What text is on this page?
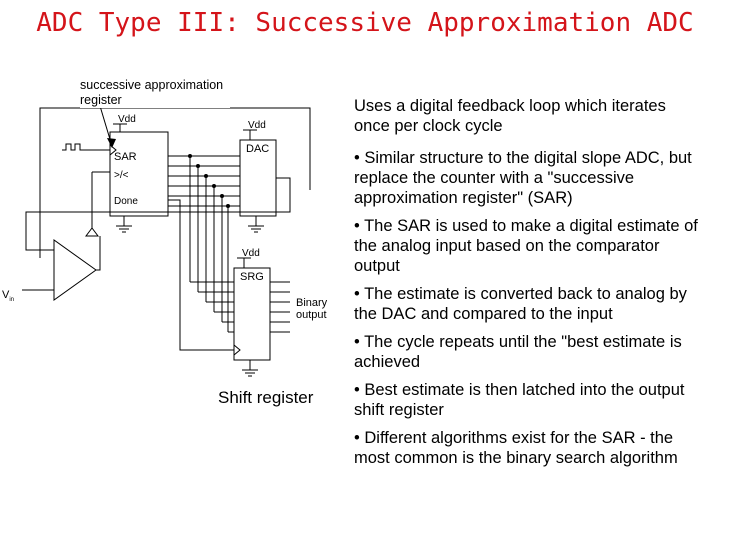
ADC Type III: Successive Approximation ADC
Vdd
SAR
>/<
Done
Vdd
DAC
Vdd
SRG
$V_{in}$	Binary
output
successive approximation register
Shift register

Uses a digital feedback loop which iterates once per clock cycle

• Similar structure to the digital slope ADC, but replace the counter with a "successive approximation register" (SAR)

• The SAR is used to make a digital estimate of the analog input based on the comparator output

• The estimate is converted back to analog by the DAC and compared to the input

• The cycle repeats until the "best estimate is achieved

• Best estimate is then latched into the output shift register

• Different algorithms exist for the SAR - the most common is the binary search algorithm
